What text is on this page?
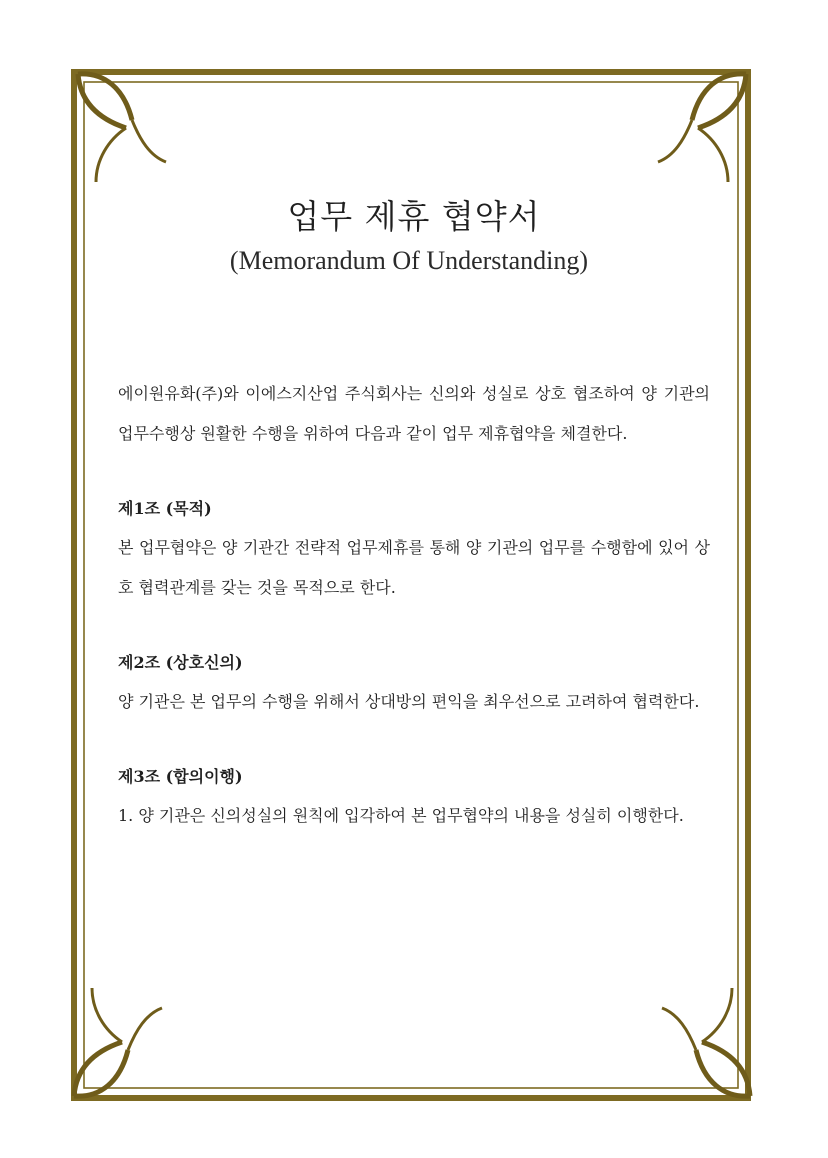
업무 제휴 협약서
(Memorandum Of Understanding)

에이원유화(주)와 이에스지산업 주식회사는 신의와 성실로 상호 협조하여 양 기관의 업무수행상 원활한 수행을 위하여 다음과 같이 업무 제휴협약을 체결한다.

제1조 (목적)

본 업무협약은 양 기관간 전략적 업무제휴를 통해 양 기관의 업무를 수행함에 있어 상호 협력관계를 갖는 것을 목적으로 한다.

제2조 (상호신의)

양 기관은 본 업무의 수행을 위해서 상대방의 편익을 최우선으로 고려하여 협력한다.

제3조 (합의이행)

1. 양 기관은 신의성실의 원칙에 입각하여 본 업무협약의 내용을 성실히 이행한다.
